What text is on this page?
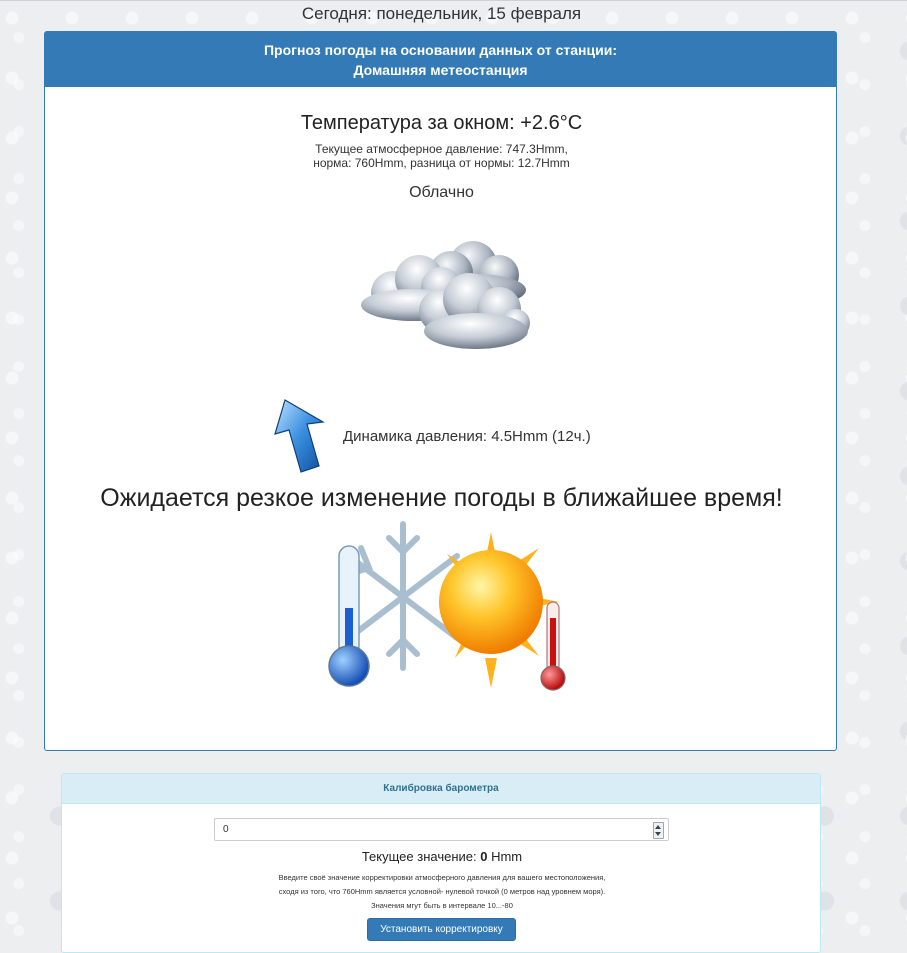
Сегодня: понедельник, 15 февраля
Прогноз погоды на основании данных от станции:
Домашняя метеостанция
Температура за окном: +2.6°C
Текущее атмосферное давление: 747.3Hmm,
норма: 760Hmm, разница от нормы: 12.7Hmm
Облачно
Динамика давления: 4.5Hmm (12ч.)
Ожидается резкое изменение погоды в ближайшее время!
Калибровка барометра
0
Текущее значение: 0 Hmm
Введите своё значение корректировки атмосферного давления для вашего местоположения,
сходя из того, что 760Hmm является условной- нулевой точкой (0 метров над уровнем моря).
Значения мгут быть в интервале 10...-80
Установить корректировку
